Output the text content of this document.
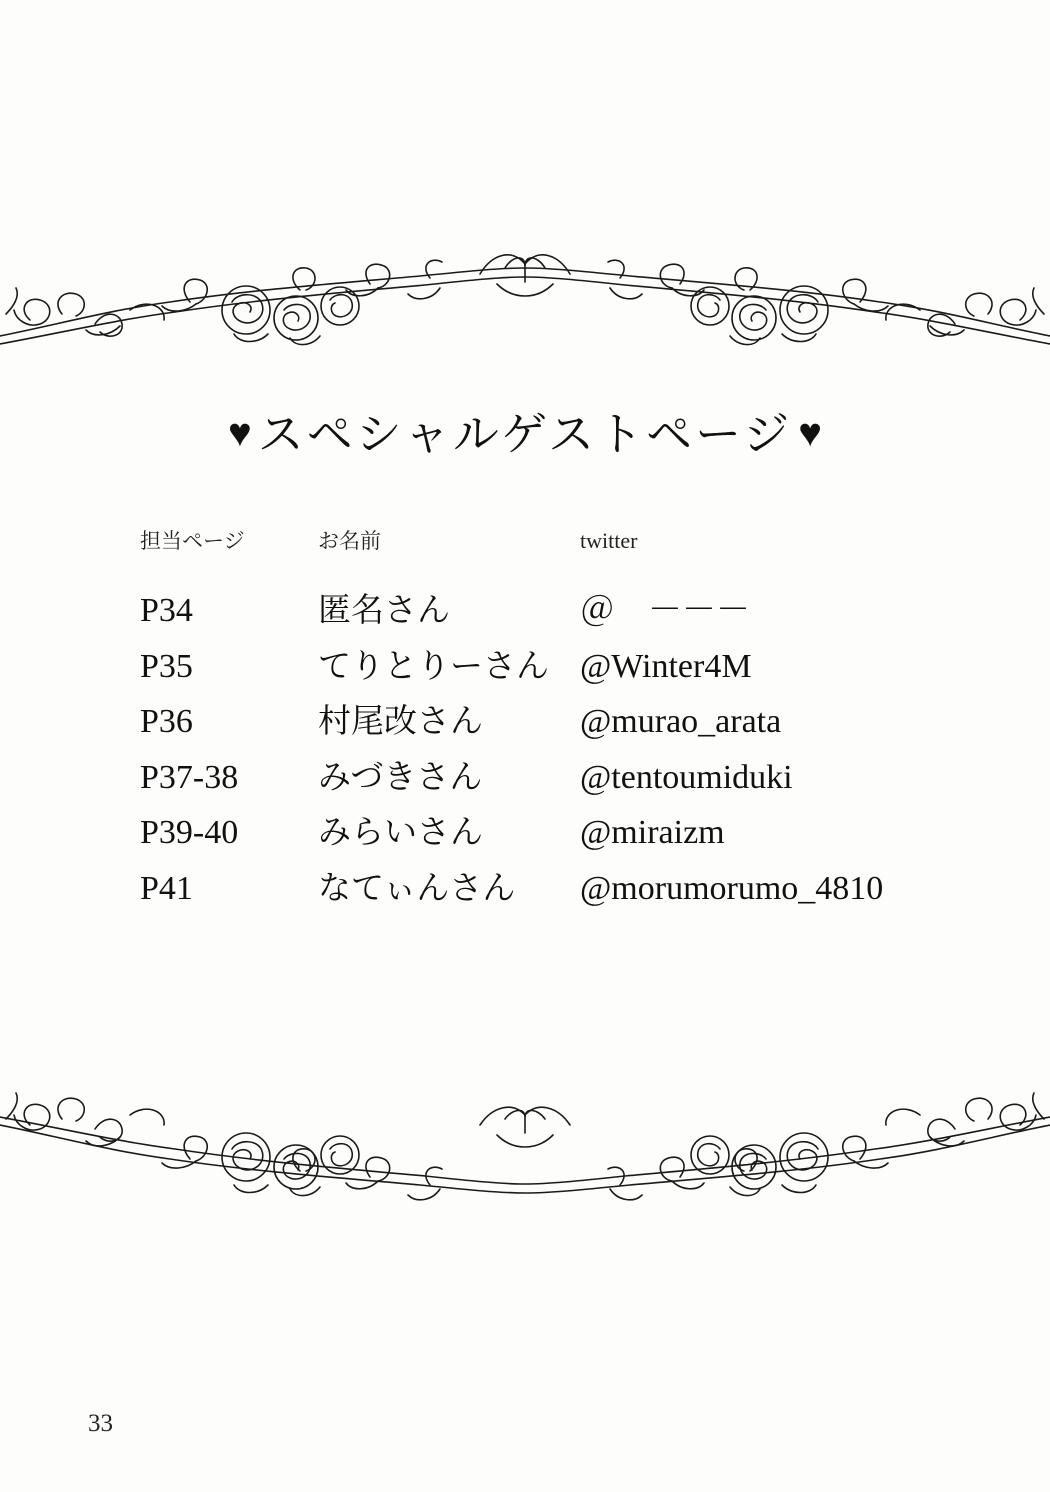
♥ スペシャルゲストページ ♥
担当ページ	お名前	twitter
P34	匿名さん	＠　－－－
P35	てりとりーさん @Winter4M
P36	村尾改さん	@murao_arata
P37-38	みづきさん	@tentoumiduki
P39-40	みらいさん	@miraizm
P41	なてぃんさん	@morumorumo_4810
33
